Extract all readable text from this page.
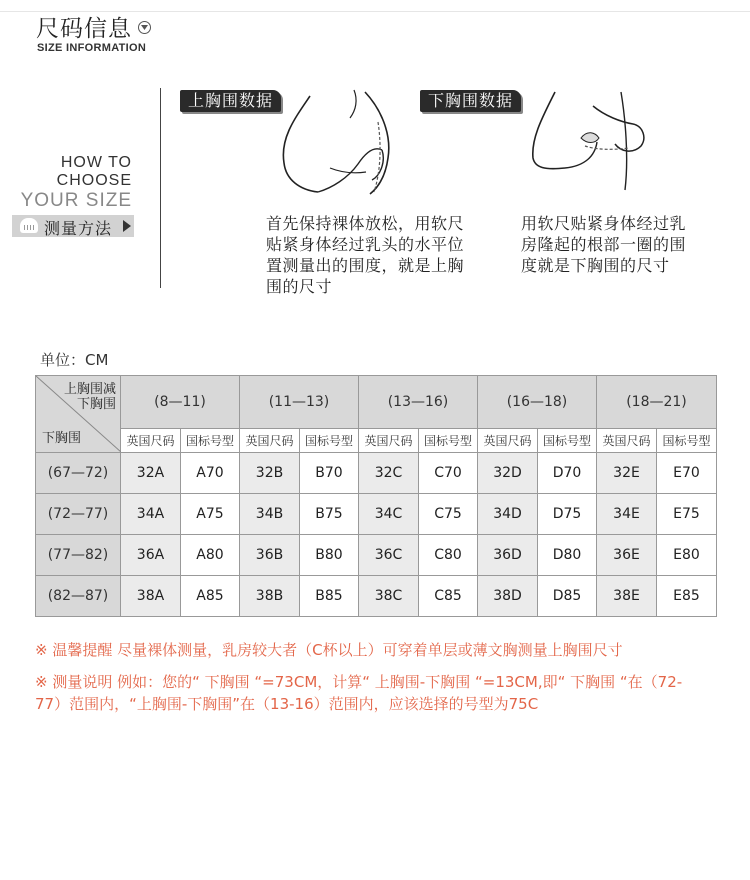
尺码信息
SIZE INFORMATION
HOW TO
CHOOSE
YOUR SIZE
测量方法
上胸围数据
首先保持裸体放松，用软尺贴紧身体经过乳头的水平位置测量出的围度，就是上胸围的尺寸
下胸围数据
用软尺贴紧身体经过乳房隆起的根部一圈的围度就是下胸围的尺寸
单位：CM
上胸围减
下胸围
下胸围	(8—11)		(11—13)		(13—16)		(16—18)		(18—21)	
	英国尺码	国标号型	英国尺码	国标号型	英国尺码	国标号型	英国尺码	国标号型	英国尺码	国标号型
(67—72)	32A	A70	32B	B70	32C	C70	32D	D70	32E	E70
(72—77)	34A	A75	34B	B75	34C	C75	34D	D75	34E	E75
(77—82)	36A	A80	36B	B80	36C	C80	36D	D80	36E	E80
(82—87)	38A	A85	38B	B85	38C	C85	38D	D85	38E	E85
※ 温馨提醒 尽量裸体测量，乳房较大者（C杯以上）可穿着单层或薄文胸测量上胸围尺寸
※ 测量说明 例如：您的“ 下胸围 “=73CM，计算“ 上胸围-下胸围 “=13CM,即“ 下胸围 “在（72-77）范围内，“上胸围-下胸围”在（13-16）范围内，应该选择的号型为75C
